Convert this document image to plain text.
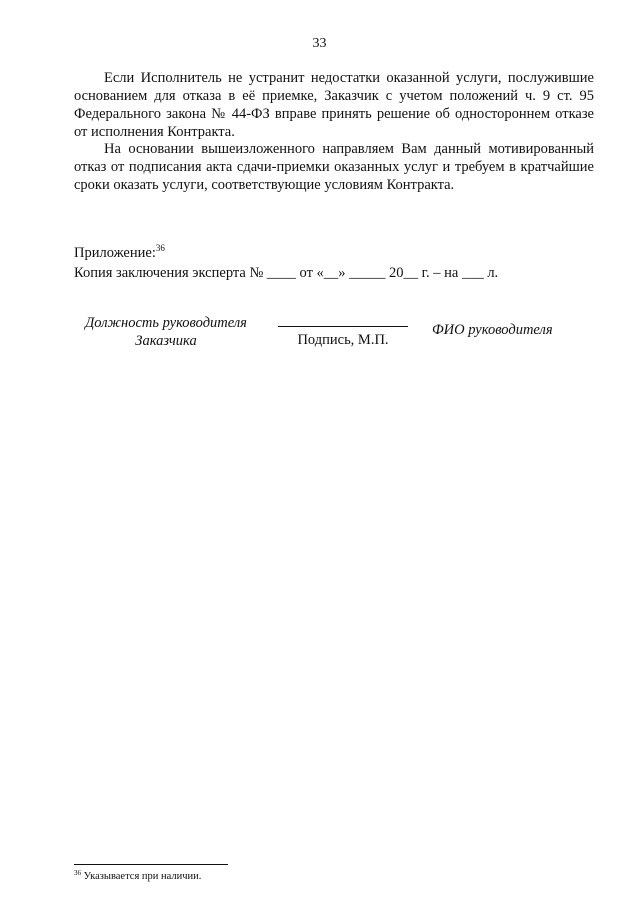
33

Если Исполнитель не устранит недостатки оказанной услуги, послужившие основанием для отказа в её приемке, Заказчик с учетом положений ч. 9 ст. 95 Федерального закона № 44-ФЗ вправе принять решение об одностороннем отказе от исполнения Контракта.

На основании вышеизложенного направляем Вам данный мотивированный отказ от подписания акта сдачи-приемки оказанных услуг и требуем в кратчайшие сроки оказать услуги, соответствующие условиям Контракта.

Приложение:$^{36}$
Копия заключения эксперта № ____ от «__» _____ 20__ г. – на ___ л.
Должность руководителя
Заказчика	Подпись, М.П.
ФИО руководителя
$^{36}$ Указывается при наличии.
